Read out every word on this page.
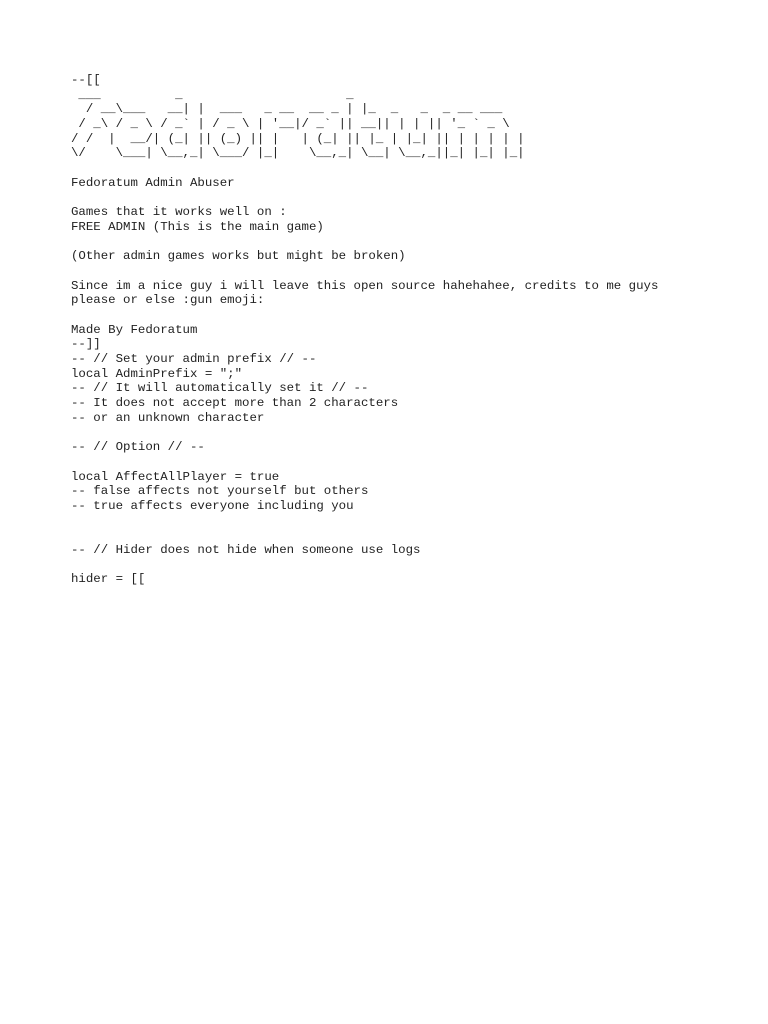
--[[
___          _                      _
/ __\___   __| |  ___   _ __  __ _ | |_  _   _  _ __ ___
/ _\ / _ \ / _` | / _ \ | '__|/ _` || __|| | | || '_ ` _ \
/ /  |  __/| (_| || (_) || |   | (_| || |_ | |_| || | | | | |
\/    \___| \__,_| \___/ |_|    \__,_| \__| \__,_||_| |_| |_|
Fedoratum Admin Abuser
Games that it works well on :
FREE ADMIN (This is the main game)
(Other admin games works but might be broken)
Since im a nice guy i will leave this open source hahehahee, credits to me guys
please or else :gun emoji:
Made By Fedoratum
--]]
-- // Set your admin prefix // --
local AdminPrefix = ";"
-- // It will automatically set it // --
-- It does not accept more than 2 characters
-- or an unknown character
-- // Option // --
local AffectAllPlayer = true
-- false affects not yourself but others
-- true affects everyone including you
-- // Hider does not hide when someone use logs
hider = [[
